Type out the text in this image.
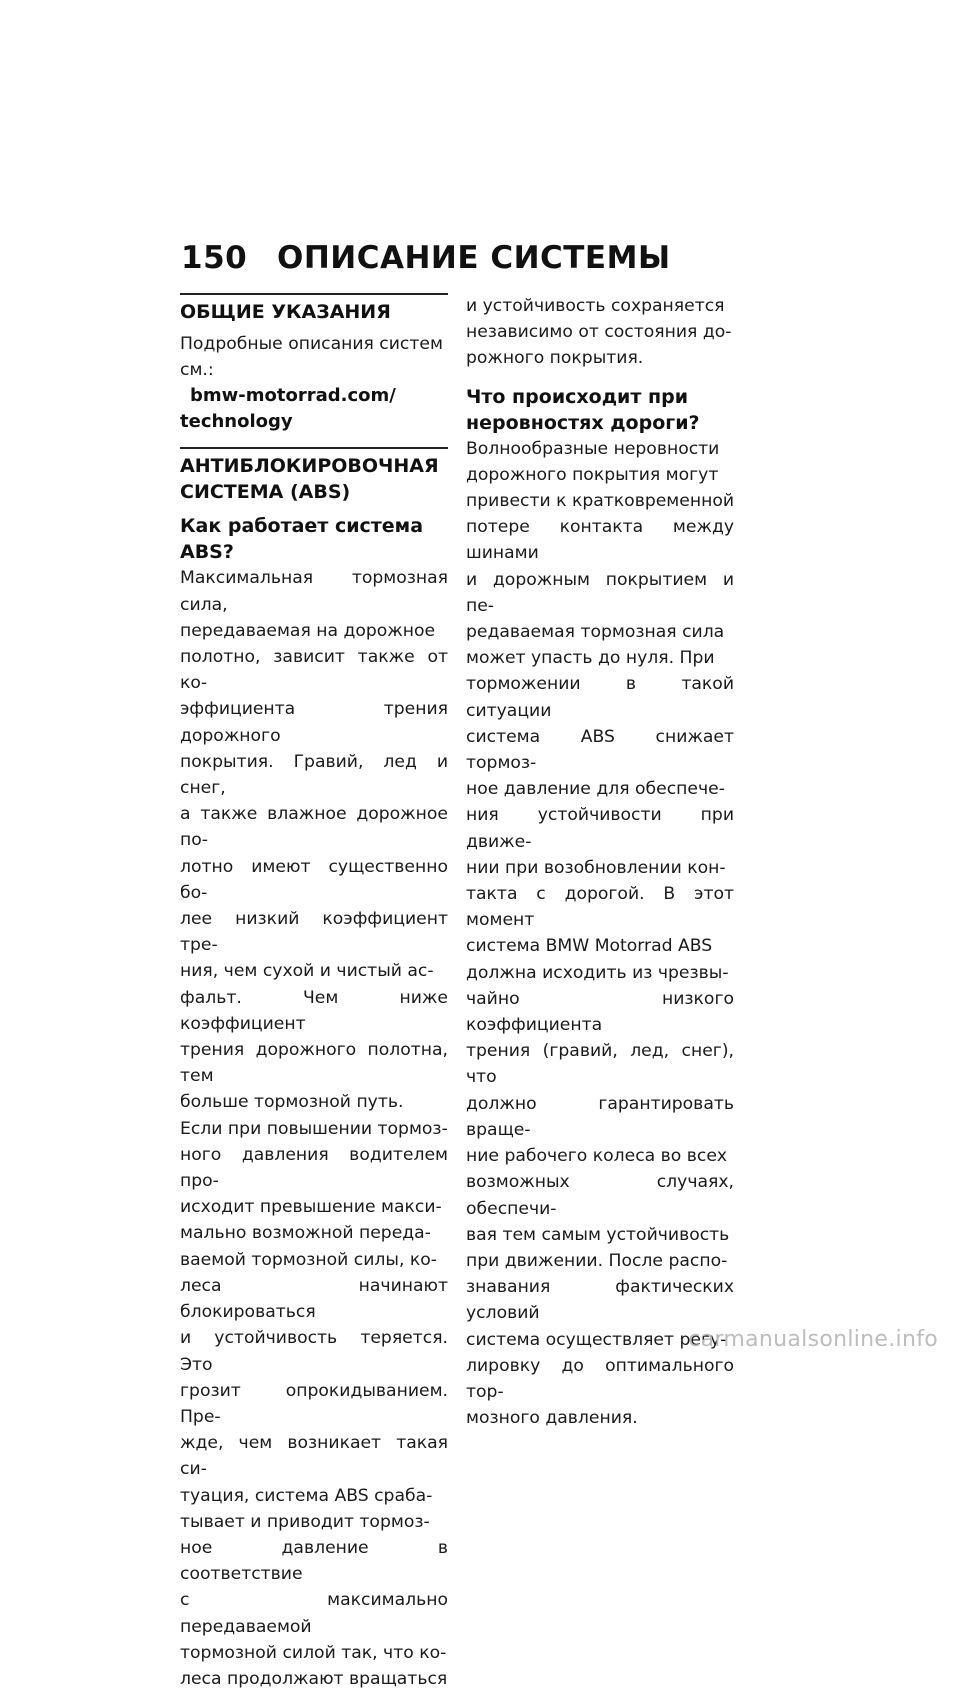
150 ОПИСАНИЕ СИСТЕМЫ
ОБЩИЕ УКАЗАНИЯ
Подробные описания систем
см.:
bmw-motorrad.com/
technology
АНТИБЛОКИРОВОЧНАЯ
СИСТЕМА (ABS)
Как работает система ABS?
Максимальная тормозная сила,
передаваемая на дорожное
полотно, зависит также от ко-
эффициента трения дорожного
покрытия. Гравий, лед и снег,
а также влажное дорожное по-
лотно имеют существенно бо-
лее низкий коэффициент тре-
ния, чем сухой и чистый ас-
фальт. Чем ниже коэффициент
трения дорожного полотна, тем
больше тормозной путь.
Если при повышении тормоз-
ного давления водителем про-
исходит превышение макси-
мально возможной переда-
ваемой тормозной силы, ко-
леса начинают блокироваться
и устойчивость теряется. Это
грозит опрокидыванием. Пре-
жде, чем возникает такая си-
туация, система ABS сраба-
тывает и приводит тормоз-
ное давление в соответствие
с максимально передаваемой
тормозной силой так, что ко-
леса продолжают вращаться
и устойчивость сохраняется
независимо от состояния до-
рожного покрытия.
Что происходит при
неровностях дороги?
Волнообразные неровности
дорожного покрытия могут
привести к кратковременной
потере контакта между шинами
и дорожным покрытием и пе-
редаваемая тормозная сила
может упасть до нуля. При
торможении в такой ситуации
система ABS снижает тормоз-
ное давление для обеспече-
ния устойчивости при движе-
нии при возобновлении кон-
такта с дорогой. В этот момент
система BMW Motorrad ABS
должна исходить из чрезвы-
чайно низкого коэффициента
трения (гравий, лед, снег), что
должно гарантировать враще-
ние рабочего колеса во всех
возможных случаях, обеспечи-
вая тем самым устойчивость
при движении. После распо-
знавания фактических условий
система осуществляет регу-
лировку до оптимального тор-
мозного давления.
carmanualsonline.info
